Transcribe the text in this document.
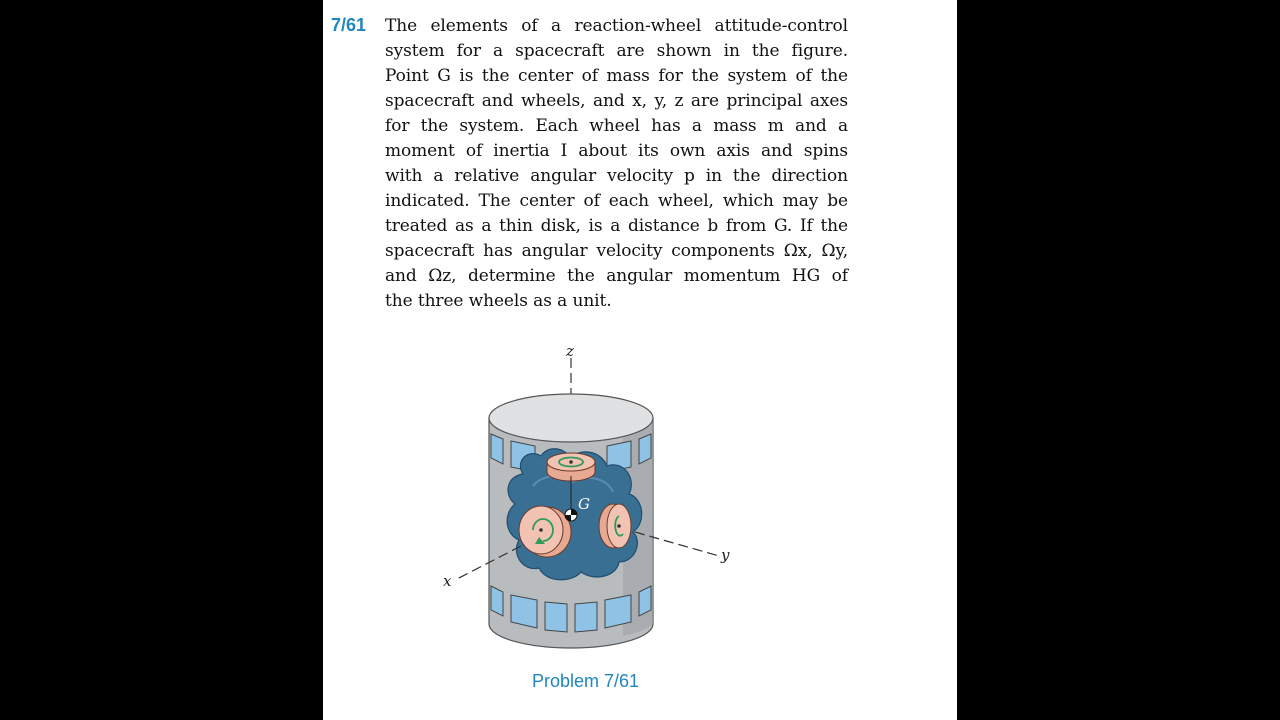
7/61 The elements of a reaction-wheel attitude-control
system for a spacecraft are shown in the figure.
Point G is the center of mass for the system of the
spacecraft and wheels, and x, y, z are principal axes
for the system. Each wheel has a mass m and a
moment of inertia I about its own axis and spins
with a relative angular velocity p in the direction
indicated. The center of each wheel, which may be
treated as a thin disk, is a distance b from G. If the
spacecraft has angular velocity components Ωx, Ωy,
and Ωz, determine the angular momentum HG of
the three wheels as a unit.
z
G
y
x
Problem 7/61
